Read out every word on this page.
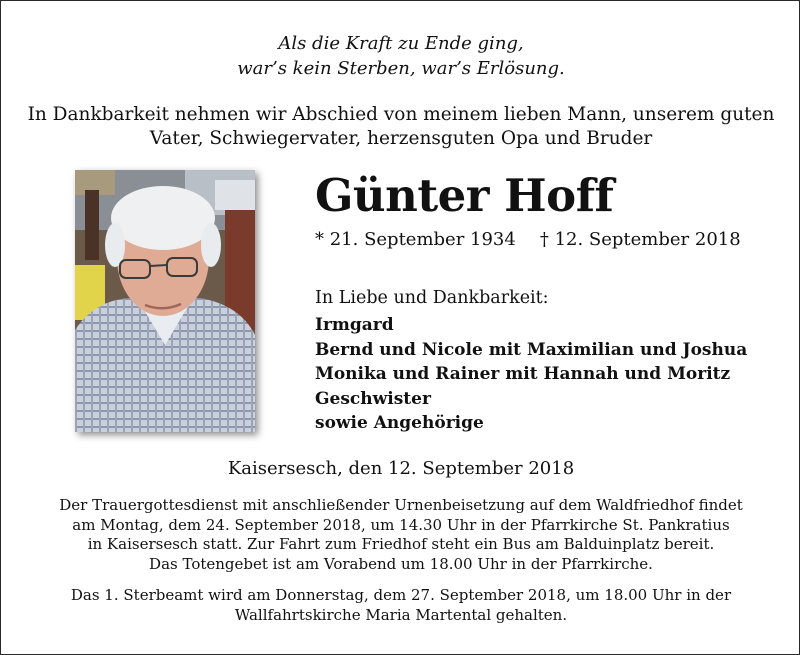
Als die Kraft zu Ende ging,
war’s kein Sterben, war’s Erlösung.
In Dankbarkeit nehmen wir Abschied von meinem lieben Mann, unserem guten
Vater, Schwiegervater, herzensguten Opa und Bruder
Günter Hoff
* 21. September 1934 † 12. September 2018
In Liebe und Dankbarkeit:
Irmgard
Bernd und Nicole mit Maximilian und Joshua
Monika und Rainer mit Hannah und Moritz
Geschwister
sowie Angehörige
Kaisersesch, den 12. September 2018
Der Trauergottesdienst mit anschließender Urnenbeisetzung auf dem Waldfriedhof findet
am Montag, dem 24. September 2018, um 14.30 Uhr in der Pfarrkirche St. Pankratius
in Kaisersesch statt. Zur Fahrt zum Friedhof steht ein Bus am Balduinplatz bereit.
Das Totengebet ist am Vorabend um 18.00 Uhr in der Pfarrkirche.
Das 1. Sterbeamt wird am Donnerstag, dem 27. September 2018, um 18.00 Uhr in der
Wallfahrtskirche Maria Martental gehalten.
